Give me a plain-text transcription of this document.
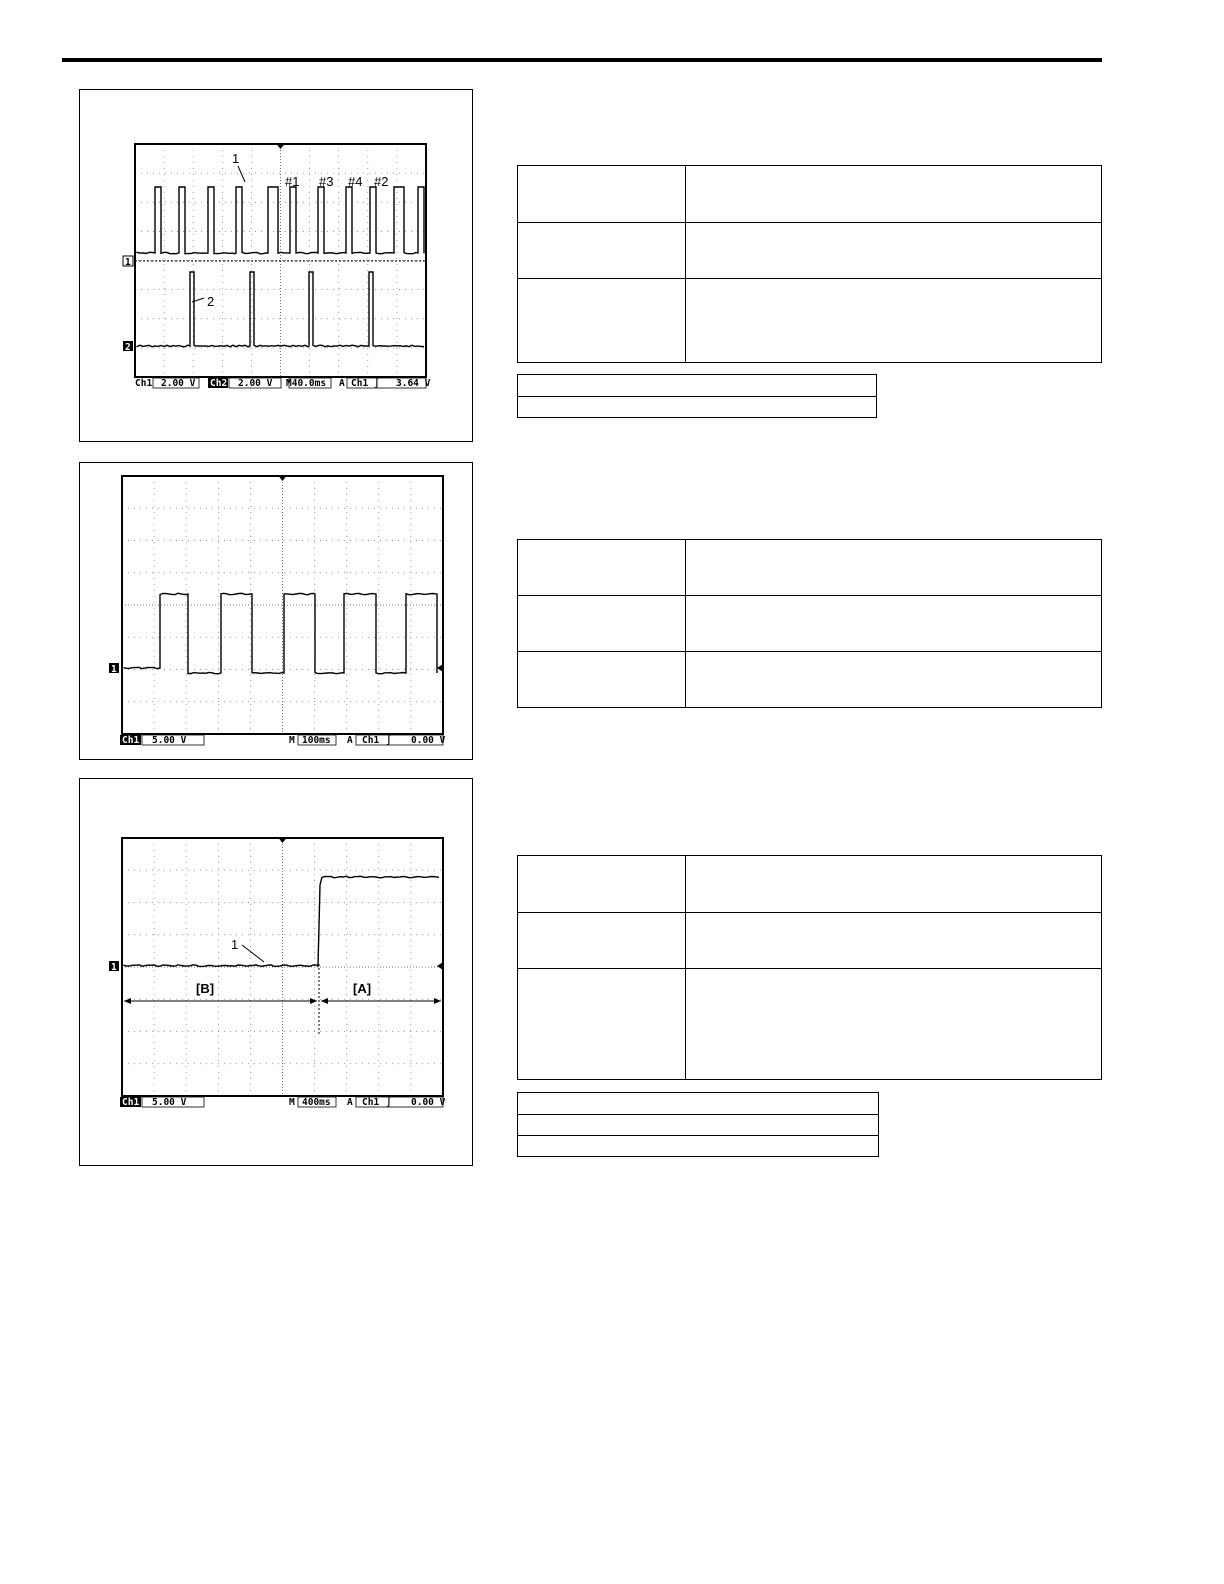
1
2
#1 #3 #4 #2
1
2
Ch1 2.00 V Ch2 2.00 V M40.0ms A Ch1 ∫ 3.64 V

1
Ch1 5.00 V	M 100ms A Ch1 ∫ 0.00 V

[B]	[A]
1
1
Ch1 5.00 V	M 400ms A Ch1 ∫ 0.00 V
